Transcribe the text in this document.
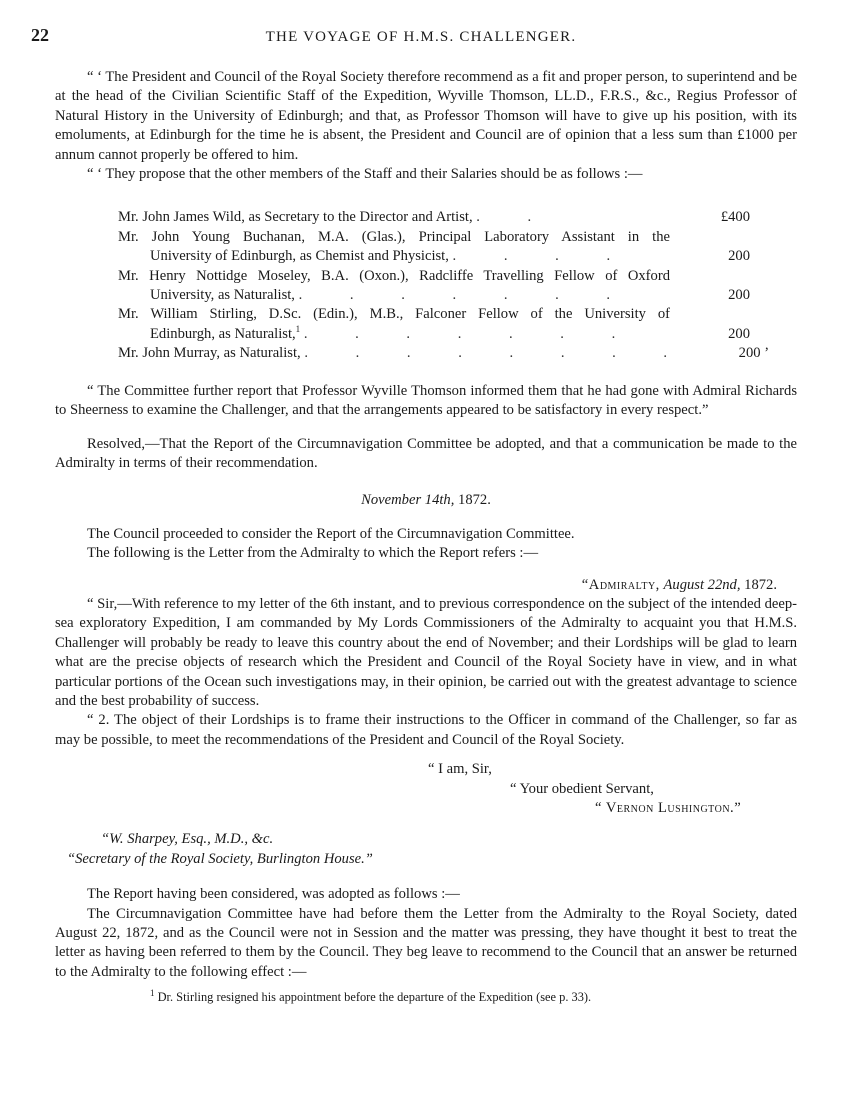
22	THE VOYAGE OF H.M.S. CHALLENGER.

“ ‘ The President and Council of the Royal Society therefore recommend as a fit and proper person, to superintend and be at the head of the Civilian Scientific Staff of the Expedition, Wyville Thomson, LL.D., F.R.S., &c., Regius Professor of Natural History in the University of Edinburgh; and that, as Professor Thomson will have to give up his position, with its emoluments, at Edinburgh for the time he is absent, the President and Council are of opinion that a less sum than £1000 per annum cannot properly be offered to him.

“ ‘ They propose that the other members of the Staff and their Salaries should be as follows :—

Mr. John James Wild, as Secretary to the Director and Artist, . .	£400
Mr. John Young Buchanan, M.A. (Glas.), Principal Laboratory Assistant in the
University of Edinburgh, as Chemist and Physicist, . . . .	200
Mr. Henry Nottidge Moseley, B.A. (Oxon.), Radcliffe Travelling Fellow of Oxford
University, as Naturalist, . . . . . . .	200
Mr. William Stirling, D.Sc. (Edin.), M.B., Falconer Fellow of the University of
Edinburgh, as Naturalist,$^1$ . . . . . . .	200
Mr. John Murray, as Naturalist, . . . . . . . .	200 ’

“ The Committee further report that Professor Wyville Thomson informed them that he had gone with Admiral Richards to Sheerness to examine the Challenger, and that the arrangements appeared to be satisfactory in every respect.”

Resolved,—That the Report of the Circumnavigation Committee be adopted, and that a communication be made to the Admiralty in terms of their recommendation.

November 14th, 1872.

The Council proceeded to consider the Report of the Circumnavigation Committee.

The following is the Letter from the Admiralty to which the Report refers :—

“Admiralty, August 22nd, 1872.

“ Sir,—With reference to my letter of the 6th instant, and to previous correspondence on the subject of the intended deep-sea exploratory Expedition, I am commanded by My Lords Commissioners of the Admiralty to acquaint you that H.M.S. Challenger will probably be ready to leave this country about the end of November; and their Lordships will be glad to learn what are the precise objects of research which the President and Council of the Royal Society have in view, and in what particular portions of the Ocean such investigations may, in their opinion, be carried out with the greatest advantage to science and the best probability of success.

“ 2. The object of their Lordships is to frame their instructions to the Officer in command of the Challenger, so far as may be possible, to meet the recommendations of the President and Council of the Royal Society.

“ I am, Sir,

“ Your obedient Servant,

“ Vernon Lushington.”

“W. Sharpey, Esq., M.D., &c.

“Secretary of the Royal Society, Burlington House.”

The Report having been considered, was adopted as follows :—

The Circumnavigation Committee have had before them the Letter from the Admiralty to the Royal Society, dated August 22, 1872, and as the Council were not in Session and the matter was pressing, they have thought it best to treat the letter as having been referred to them by the Council. They beg leave to recommend to the Council that an answer be returned to the Admiralty to the following effect :—

$^1$ Dr. Stirling resigned his appointment before the departure of the Expedition (see p. 33).
